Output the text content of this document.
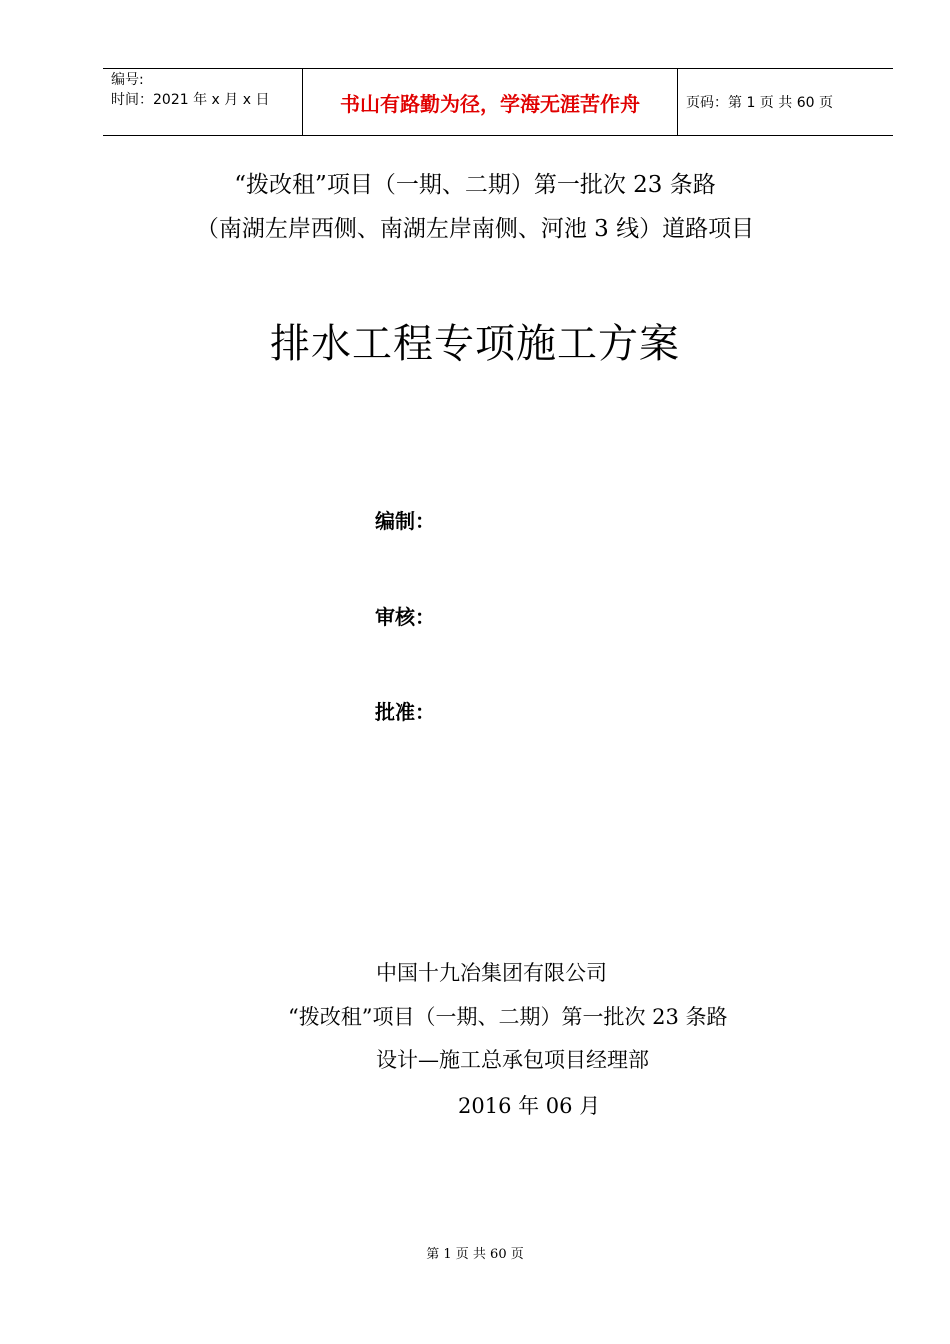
编号:
时间：2021 年 x 月 x 日	书山有路勤为径，学海无涯苦作舟	页码：第 1 页 共 60 页
“拨改租”项目（一期、二期）第一批次 23 条路
（南湖左岸西侧、南湖左岸南侧、河池 3 线）道路项目
排水工程专项施工方案
编制：
审核：
批准：
中国十九冶集团有限公司
“拨改租”项目（一期、二期）第一批次 23 条路
设计—施工总承包项目经理部
2016 年 06 月
第 1 页 共 60 页
